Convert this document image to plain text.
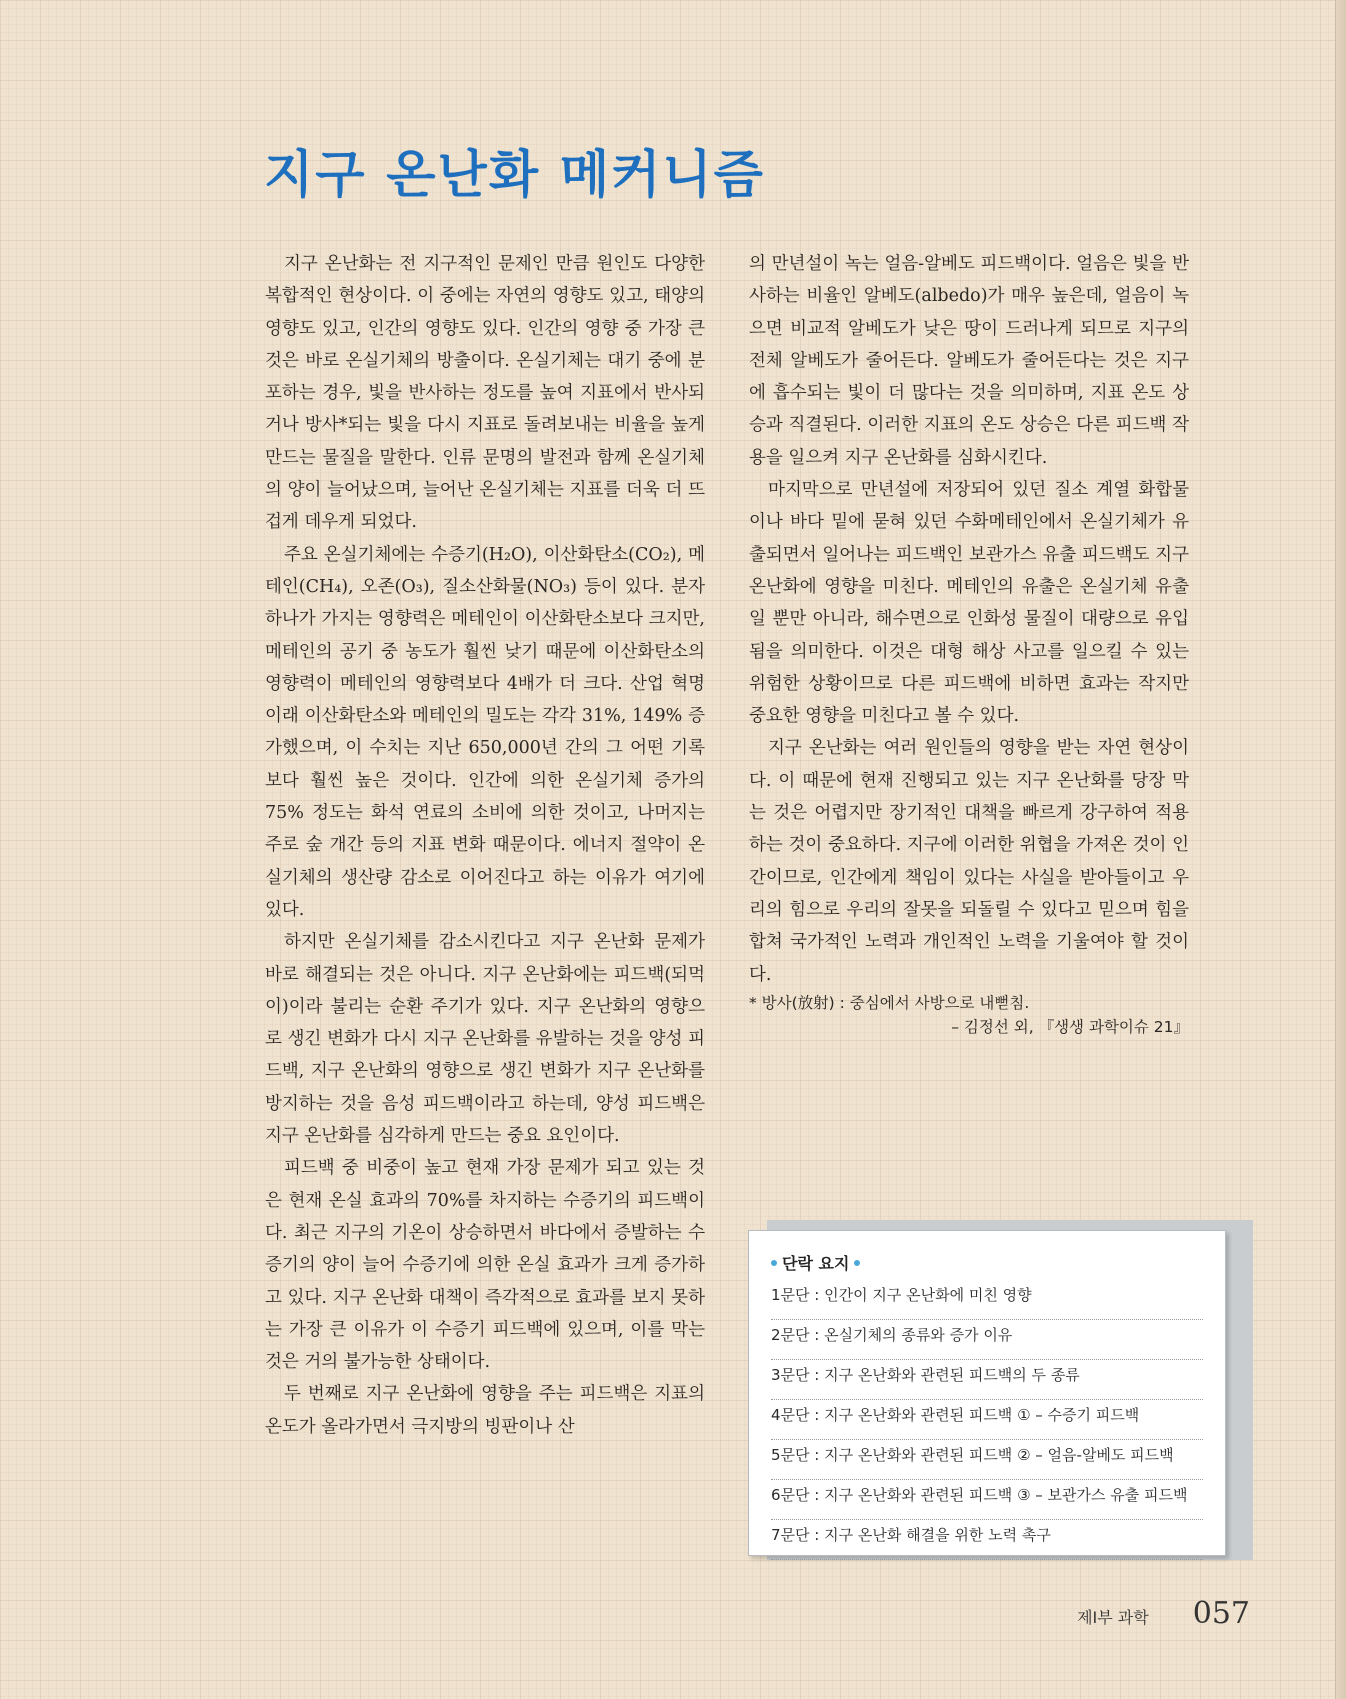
지구 온난화 메커니즘

지구 온난화는 전 지구적인 문제인 만큼 원인도 다양한 복합적인 현상이다. 이 중에는 자연의 영향도 있고, 태양의 영향도 있고, 인간의 영향도 있다. 인간의 영향 중 가장 큰 것은 바로 온실기체의 방출이다. 온실기체는 대기 중에 분포하는 경우, 빛을 반사하는 정도를 높여 지표에서 반사되거나 방사*되는 빛을 다시 지표로 돌려보내는 비율을 높게 만드는 물질을 말한다. 인류 문명의 발전과 함께 온실기체의 양이 늘어났으며, 늘어난 온실기체는 지표를 더욱 더 뜨겁게 데우게 되었다.

주요 온실기체에는 수증기(H₂O), 이산화탄소(CO₂), 메테인(CH₄), 오존(O₃), 질소산화물(NO₃) 등이 있다. 분자 하나가 가지는 영향력은 메테인이 이산화탄소보다 크지만, 메테인의 공기 중 농도가 훨씬 낮기 때문에 이산화탄소의 영향력이 메테인의 영향력보다 4배가 더 크다. 산업 혁명 이래 이산화탄소와 메테인의 밀도는 각각 31%, 149% 증가했으며, 이 수치는 지난 650,000년 간의 그 어떤 기록보다 훨씬 높은 것이다. 인간에 의한 온실기체 증가의 75% 정도는 화석 연료의 소비에 의한 것이고, 나머지는 주로 숲 개간 등의 지표 변화 때문이다. 에너지 절약이 온실기체의 생산량 감소로 이어진다고 하는 이유가 여기에 있다.

하지만 온실기체를 감소시킨다고 지구 온난화 문제가 바로 해결되는 것은 아니다. 지구 온난화에는 피드백(되먹이)이라 불리는 순환 주기가 있다. 지구 온난화의 영향으로 생긴 변화가 다시 지구 온난화를 유발하는 것을 양성 피드백, 지구 온난화의 영향으로 생긴 변화가 지구 온난화를 방지하는 것을 음성 피드백이라고 하는데, 양성 피드백은 지구 온난화를 심각하게 만드는 중요 요인이다.

피드백 중 비중이 높고 현재 가장 문제가 되고 있는 것은 현재 온실 효과의 70%를 차지하는 수증기의 피드백이다. 최근 지구의 기온이 상승하면서 바다에서 증발하는 수증기의 양이 늘어 수증기에 의한 온실 효과가 크게 증가하고 있다. 지구 온난화 대책이 즉각적으로 효과를 보지 못하는 가장 큰 이유가 이 수증기 피드백에 있으며, 이를 막는 것은 거의 불가능한 상태이다.

두 번째로 지구 온난화에 영향을 주는 피드백은 지표의 온도가 올라가면서 극지방의 빙판이나 산

의 만년설이 녹는 얼음-알베도 피드백이다. 얼음은 빛을 반사하는 비율인 알베도(albedo)가 매우 높은데, 얼음이 녹으면 비교적 알베도가 낮은 땅이 드러나게 되므로 지구의 전체 알베도가 줄어든다. 알베도가 줄어든다는 것은 지구에 흡수되는 빛이 더 많다는 것을 의미하며, 지표 온도 상승과 직결된다. 이러한 지표의 온도 상승은 다른 피드백 작용을 일으켜 지구 온난화를 심화시킨다.

마지막으로 만년설에 저장되어 있던 질소 계열 화합물이나 바다 밑에 묻혀 있던 수화메테인에서 온실기체가 유출되면서 일어나는 피드백인 보관가스 유출 피드백도 지구 온난화에 영향을 미친다. 메테인의 유출은 온실기체 유출일 뿐만 아니라, 해수면으로 인화성 물질이 대량으로 유입됨을 의미한다. 이것은 대형 해상 사고를 일으킬 수 있는 위험한 상황이므로 다른 피드백에 비하면 효과는 작지만 중요한 영향을 미친다고 볼 수 있다.

지구 온난화는 여러 원인들의 영향을 받는 자연 현상이다. 이 때문에 현재 진행되고 있는 지구 온난화를 당장 막는 것은 어렵지만 장기적인 대책을 빠르게 강구하여 적용하는 것이 중요하다. 지구에 이러한 위협을 가져온 것이 인간이므로, 인간에게 책임이 있다는 사실을 받아들이고 우리의 힘으로 우리의 잘못을 되돌릴 수 있다고 믿으며 힘을 합쳐 국가적인 노력과 개인적인 노력을 기울여야 할 것이다.

* 방사(放射) : 중심에서 사방으로 내뻗침.

– 김정선 외, 『생생 과학이슈 21』

단락 요지
1문단 : 인간이 지구 온난화에 미친 영향
2문단 : 온실기체의 종류와 증가 이유
3문단 : 지구 온난화와 관련된 피드백의 두 종류
4문단 : 지구 온난화와 관련된 피드백 ① – 수증기 피드백
5문단 : 지구 온난화와 관련된 피드백 ② – 얼음-알베도 피드백
6문단 : 지구 온난화와 관련된 피드백 ③ – 보관가스 유출 피드백
7문단 : 지구 온난화 해결을 위한 노력 촉구
제I부 과학 057
